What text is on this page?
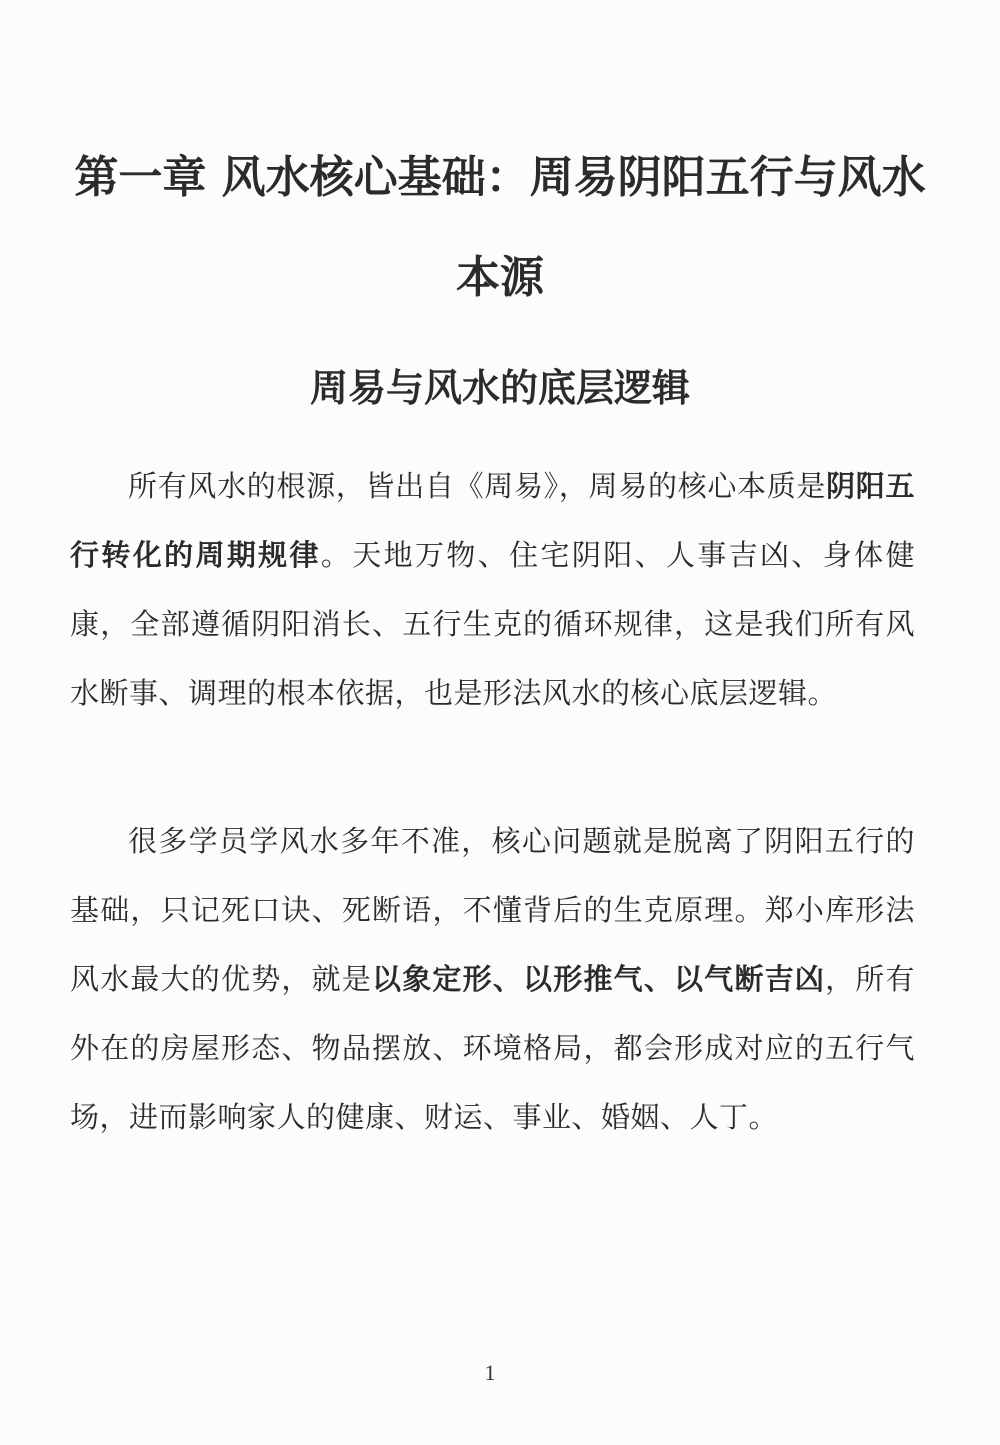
第一章 风水核心基础：周易阴阳五行与风水本源
周易与风水的底层逻辑

所有风水的根源，皆出自《周易》，周易的核心本质是阴阳五行转化的周期规律。天地万物、住宅阴阳、人事吉凶、身体健康，全部遵循阴阳消长、五行生克的循环规律，这是我们所有风水断事、调理的根本依据，也是形法风水的核心底层逻辑。

很多学员学风水多年不准，核心问题就是脱离了阴阳五行的基础，只记死口诀、死断语，不懂背后的生克原理。郑小库形法风水最大的优势，就是以象定形、以形推气、以气断吉凶，所有外在的房屋形态、物品摆放、环境格局，都会形成对应的五行气场，进而影响家人的健康、财运、事业、婚姻、人丁。

1
